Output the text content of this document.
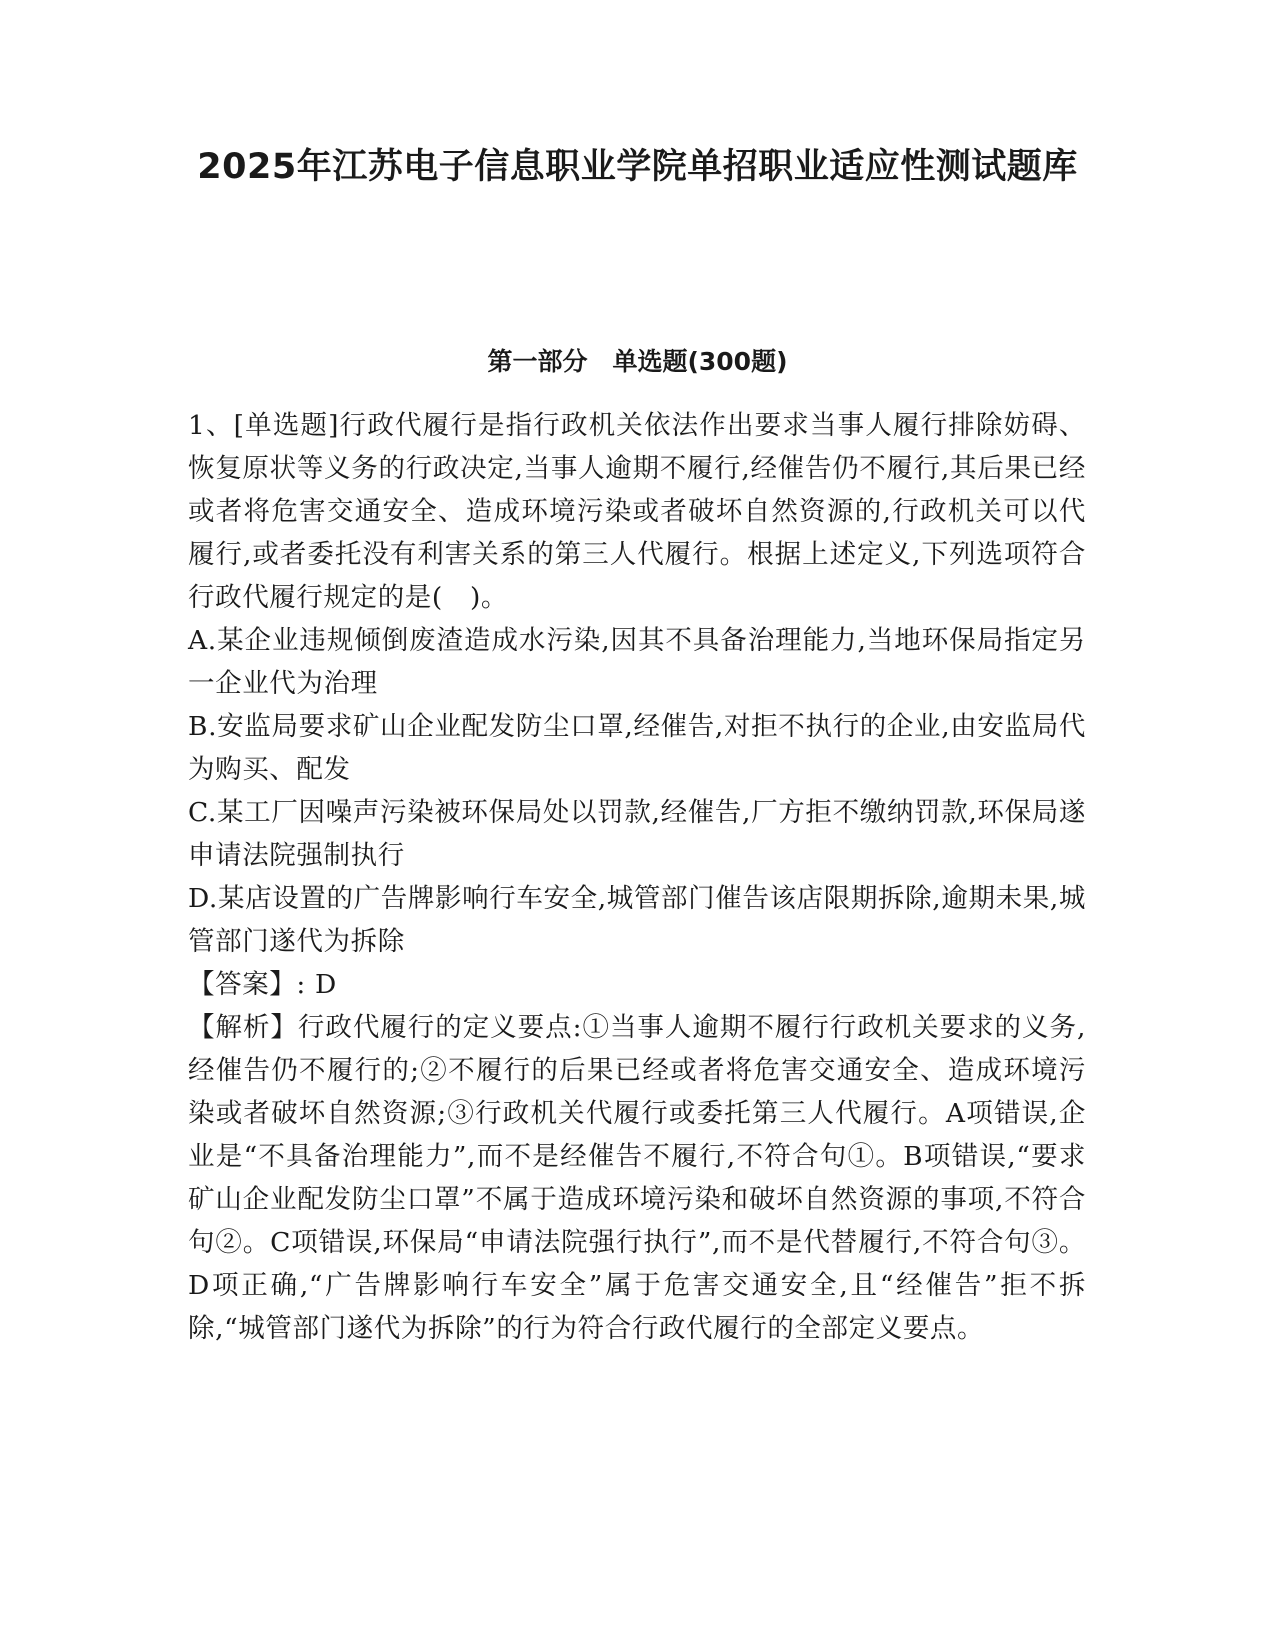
2025年江苏电子信息职业学院单招职业适应性测试题库
第一部分　单选题(300题)

1、[单选题]行政代履行是指行政机关依法作出要求当事人履行排除妨碍、恢复原状等义务的行政决定,当事人逾期不履行,经催告仍不履行,其后果已经或者将危害交通安全、造成环境污染或者破坏自然资源的,行政机关可以代履行,或者委托没有利害关系的第三人代履行。根据上述定义,下列选项符合行政代履行规定的是(　)。

A.某企业违规倾倒废渣造成水污染,因其不具备治理能力,当地环保局指定另一企业代为治理

B.安监局要求矿山企业配发防尘口罩,经催告,对拒不执行的企业,由安监局代为购买、配发

C.某工厂因噪声污染被环保局处以罚款,经催告,厂方拒不缴纳罚款,环保局遂申请法院强制执行

D.某店设置的广告牌影响行车安全,城管部门催告该店限期拆除,逾期未果,城管部门遂代为拆除

【答案】: D

【解析】行政代履行的定义要点:①当事人逾期不履行行政机关要求的义务,经催告仍不履行的;②不履行的后果已经或者将危害交通安全、造成环境污染或者破坏自然资源;③行政机关代履行或委托第三人代履行。A项错误,企业是“不具备治理能力”,而不是经催告不履行,不符合句①。B项错误,“要求矿山企业配发防尘口罩”不属于造成环境污染和破坏自然资源的事项,不符合句②。C项错误,环保局“申请法院强行执行”,而不是代替履行,不符合句③。D项正确,“广告牌影响行车安全”属于危害交通安全,且“经催告”拒不拆除,“城管部门遂代为拆除”的行为符合行政代履行的全部定义要点。
